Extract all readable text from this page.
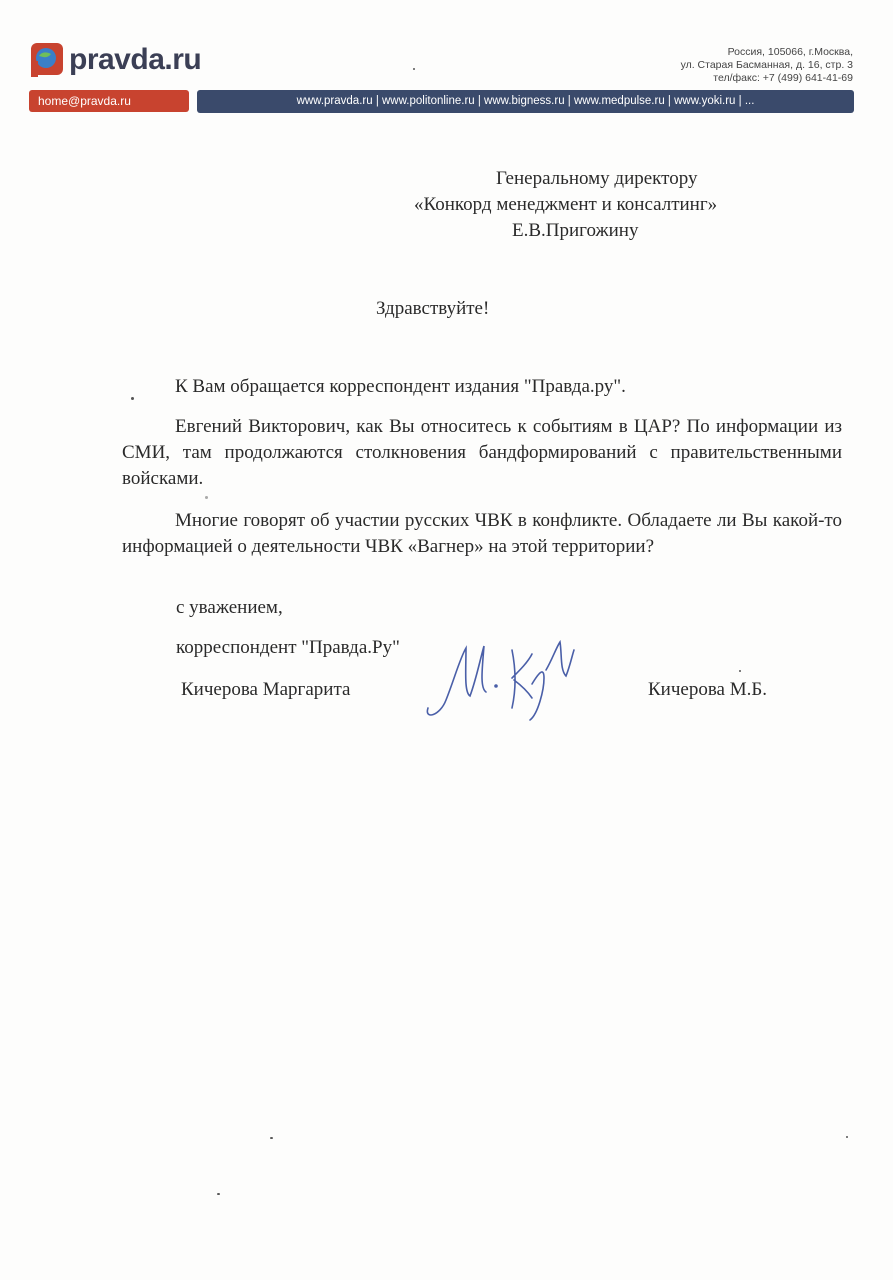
pravda.ru	Россия, 105066, г.Москва,
ул. Старая Басманная, д. 16, стр. 3
тел/факс: +7 (499) 641-41-69
home@pravda.ru	www.pravda.ru | www.politonline.ru | www.bigness.ru | www.medpulse.ru | www.yoki.ru | ...
Генеральному директору
«Конкорд менеджмент и консалтинг»
Е.В.Пригожину
Здравствуйте!
К Вам обращается корреспондент издания "Правда.ру".
Евгений Викторович, как Вы относитесь к событиям в ЦАР? По информации из СМИ, там продолжаются столкновения бандформирований с правительственными войсками.
Многие говорят об участии русских ЧВК в конфликте. Обладаете ли Вы какой-то информацией о деятельности ЧВК «Вагнер» на этой территории?
с уважением,
корреспондент "Правда.Ру"
Кичерова Маргарита	Кичерова М.Б.
